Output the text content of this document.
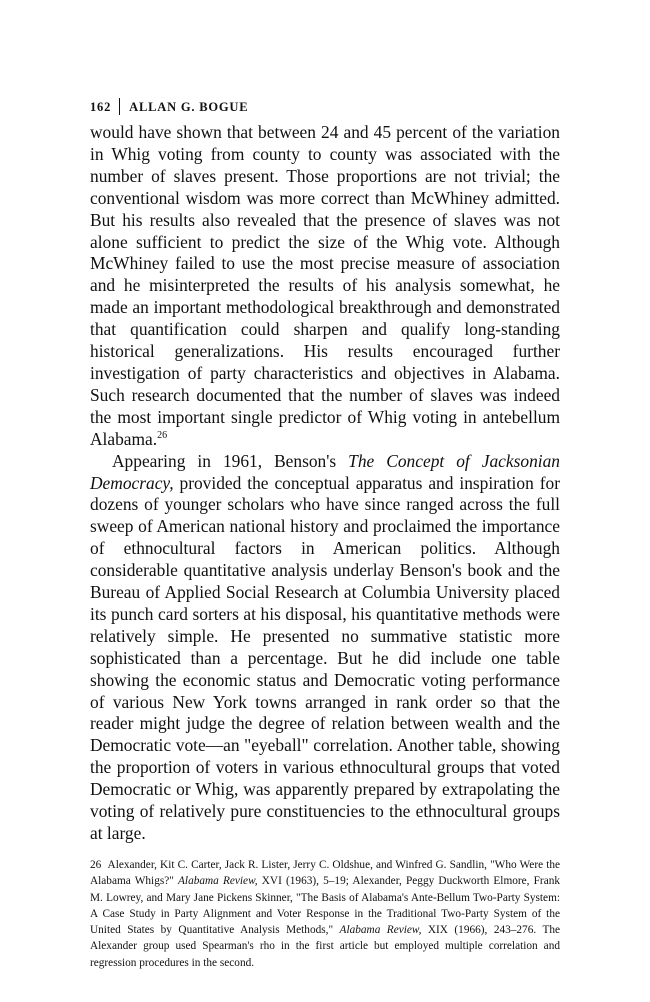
162 ALLAN G. BOGUE

would have shown that between 24 and 45 percent of the variation in Whig voting from county to county was associated with the number of slaves present. Those proportions are not trivial; the conventional wisdom was more correct than McWhiney admitted. But his results also revealed that the presence of slaves was not alone sufficient to predict the size of the Whig vote. Although McWhiney failed to use the most precise measure of association and he misinterpreted the results of his analysis somewhat, he made an important methodological breakthrough and demonstrated that quantification could sharpen and qualify long-standing historical generalizations. His results encouraged further investigation of party characteristics and objectives in Alabama. Such research documented that the number of slaves was indeed the most important single predictor of Whig voting in antebellum Alabama.$^{26}$

Appearing in 1961, Benson's The Concept of Jacksonian Democracy, provided the conceptual apparatus and inspiration for dozens of younger scholars who have since ranged across the full sweep of American national history and proclaimed the importance of ethnocultural factors in American politics. Although considerable quantitative analysis underlay Benson's book and the Bureau of Applied Social Research at Columbia University placed its punch card sorters at his disposal, his quantitative methods were relatively simple. He presented no summative statistic more sophisticated than a percentage. But he did include one table showing the economic status and Democratic voting performance of various New York towns arranged in rank order so that the reader might judge the degree of relation between wealth and the Democratic vote—an "eyeball" correlation. Another table, showing the proportion of voters in various ethnocultural groups that voted Democratic or Whig, was apparently prepared by extrapolating the voting of relatively pure constituencies to the ethnocultural groups at large.

26 Alexander, Kit C. Carter, Jack R. Lister, Jerry C. Oldshue, and Winfred G. Sandlin, "Who Were the Alabama Whigs?" Alabama Review, XVI (1963), 5–19; Alexander, Peggy Duckworth Elmore, Frank M. Lowrey, and Mary Jane Pickens Skinner, "The Basis of Alabama's Ante-Bellum Two-Party System: A Case Study in Party Alignment and Voter Response in the Traditional Two-Party System of the United States by Quantitative Analysis Methods," Alabama Review, XIX (1966), 243–276. The Alexander group used Spearman's rho in the first article but employed multiple correlation and regression procedures in the second.
